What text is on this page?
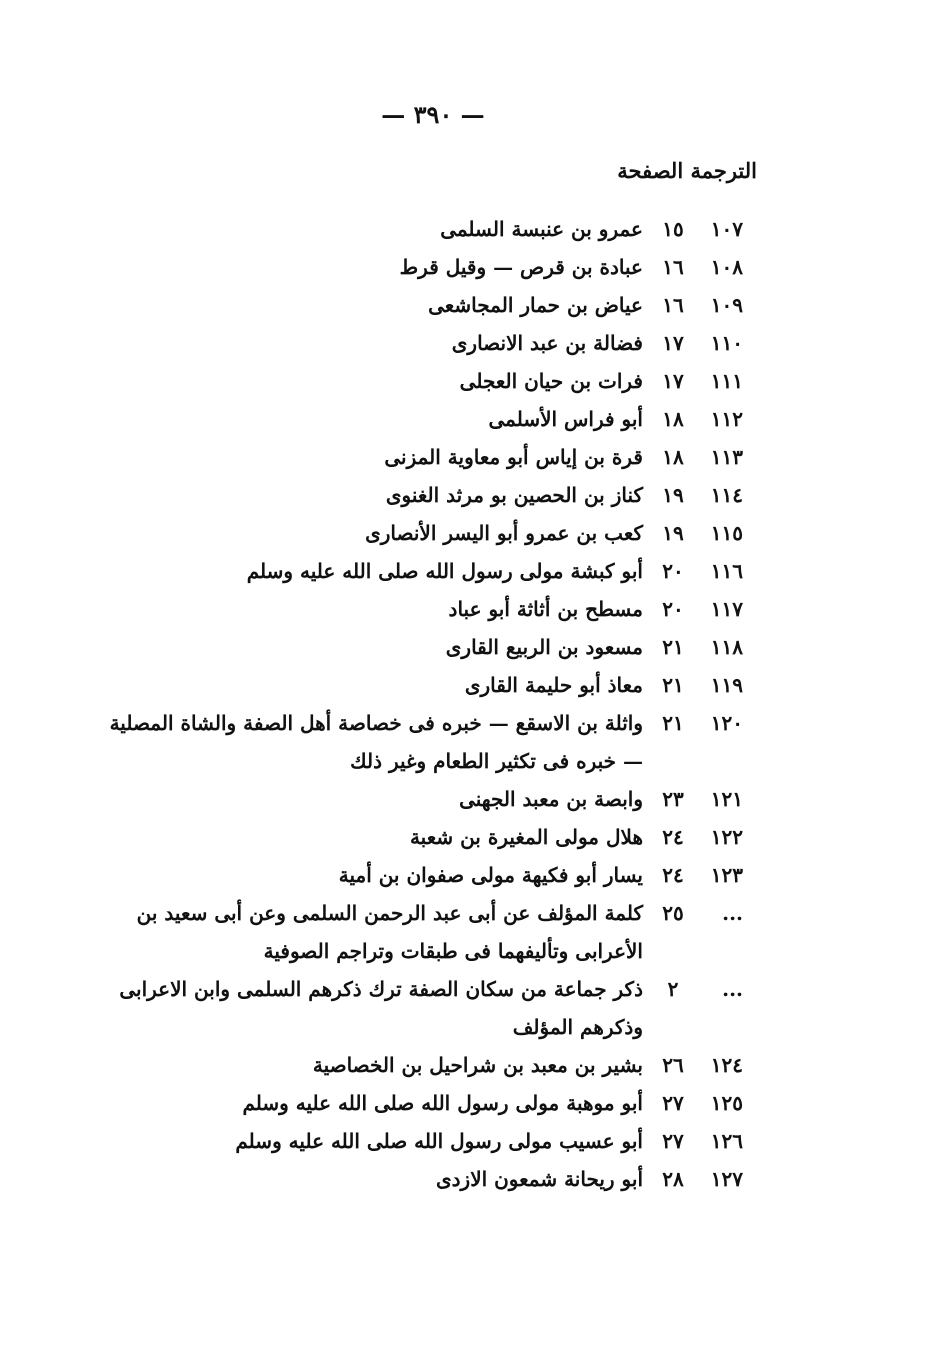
— ٣٩٠ —
الترجمة الصفحة
١٠٧
١٥
عمرو بن عنبسة السلمى
١٠٨
١٦
عبادة بن قرص — وقيل قرط
١٠٩
١٦
عياض بن حمار المجاشعى
١١٠
١٧
فضالة بن عبد الانصارى
١١١
١٧
فرات بن حيان العجلى
١١٢
١٨
أبو فراس الأسلمى
١١٣
١٨
قرة بن إياس أبو معاوية المزنى
١١٤
١٩
كناز بن الحصين بو مرثد الغنوى
١١٥
١٩
كعب بن عمرو أبو اليسر الأنصارى
١١٦
٢٠
أبو كبشة مولى رسول الله صلى الله عليه وسلم
١١٧
٢٠
مسطح بن أثاثة أبو عباد
١١٨
٢١
مسعود بن الربيع القارى
١١٩
٢١
معاذ أبو حليمة القارى
١٢٠
٢١
واثلة بن الاسقع — خبره فى خصاصة أهل الصفة والشاة المصلية — خبره فى تكثير الطعام وغير ذلك
١٢١
٢٣
وابصة بن معبد الجهنى
١٢٢
٢٤
هلال مولى المغيرة بن شعبة
١٢٣
٢٤
يسار أبو فكيهة مولى صفوان بن أمية
...
٢٥
كلمة المؤلف عن أبى عبد الرحمن السلمى وعن أبى سعيد بن الأعرابى وتأليفهما فى طبقات وتراجم الصوفية
...
٢
ذكر جماعة من سكان الصفة ترك ذكرهم السلمى وابن الاعرابى وذكرهم المؤلف
١٢٤
٢٦
بشير بن معبد بن شراحيل بن الخصاصية
١٢٥
٢٧
أبو موهبة مولى رسول الله صلى الله عليه وسلم
١٢٦
٢٧
أبو عسيب مولى رسول الله صلى الله عليه وسلم
١٢٧
٢٨
أبو ريحانة شمعون الازدى
